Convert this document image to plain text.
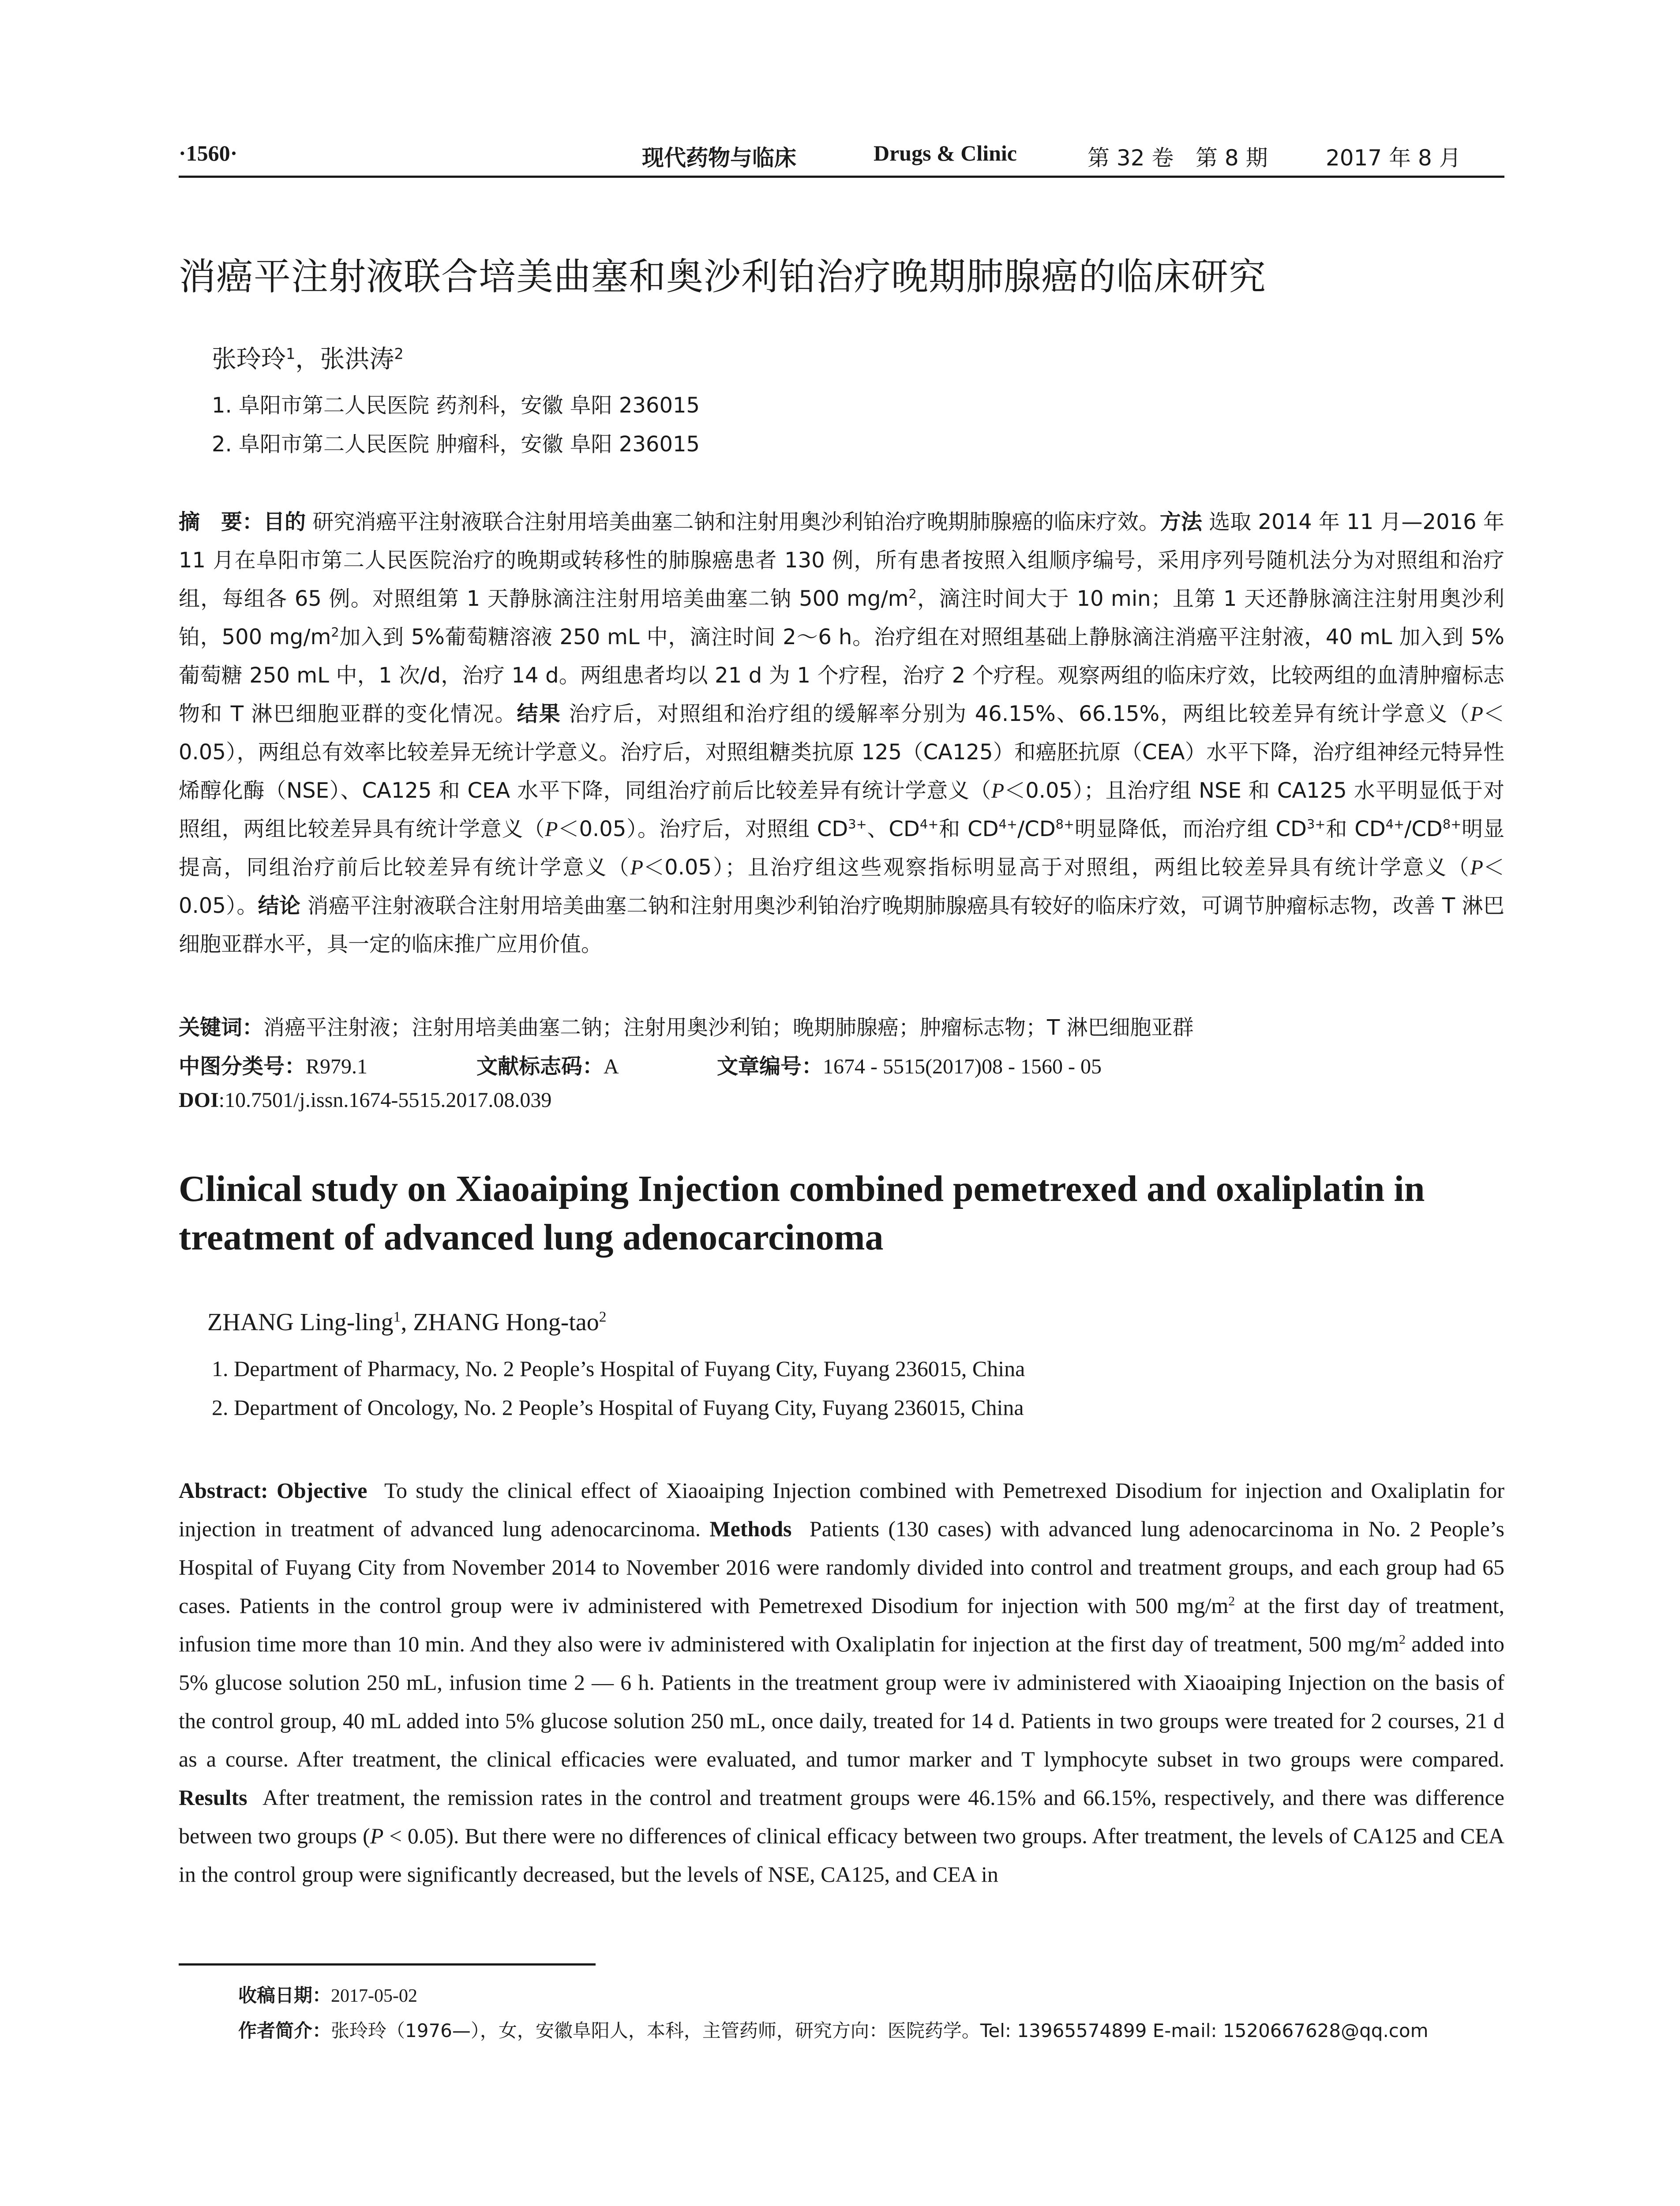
·1560·	现代药物与临床	Drugs & Clinic	第 32 卷 第 8 期	2017 年 8 月
消癌平注射液联合培美曲塞和奥沙利铂治疗晚期肺腺癌的临床研究
张玲玲$^1$，张洪涛$^2$
1. 阜阳市第二人民医院 药剂科，安徽 阜阳 236015
2. 阜阳市第二人民医院 肿瘤科，安徽 阜阳 236015
摘　要：目的 研究消癌平注射液联合注射用培美曲塞二钠和注射用奥沙利铂治疗晚期肺腺癌的临床疗效。方法 选取 2014 年 11 月—2016 年 11 月在阜阳市第二人民医院治疗的晚期或转移性的肺腺癌患者 130 例，所有患者按照入组顺序编号，采用序列号随机法分为对照组和治疗组，每组各 65 例。对照组第 1 天静脉滴注注射用培美曲塞二钠 500 $mg/m^2$，滴注时间大于 10 min；且第 1 天还静脉滴注注射用奥沙利铂，500 $mg/m^2$加入到 5%葡萄糖溶液 250 mL 中，滴注时间 2～6 h。治疗组在对照组基础上静脉滴注消癌平注射液，40 mL 加入到 5%葡萄糖 250 mL 中，1 次/d，治疗 14 d。两组患者均以 21 d 为 1 个疗程，治疗 2 个疗程。观察两组的临床疗效，比较两组的血清肿瘤标志物和 T 淋巴细胞亚群的变化情况。结果 治疗后，对照组和治疗组的缓解率分别为 46.15%、66.15%，两组比较差异有统计学意义（P＜0.05），两组总有效率比较差异无统计学意义。治疗后，对照组糖类抗原 125（CA125）和癌胚抗原（CEA）水平下降，治疗组神经元特异性烯醇化酶（NSE）、CA125 和 CEA 水平下降，同组治疗前后比较差异有统计学意义（P＜0.05）；且治疗组 NSE 和 CA125 水平明显低于对照组，两组比较差异具有统计学意义（P＜0.05）。治疗后，对照组 $CD^{3+}$、$CD^{4+}$和 $CD^{4+}/CD^{8+}$明显降低，而治疗组 $CD^{3+}$和 $CD^{4+}/CD^{8+}$明显提高，同组治疗前后比较差异有统计学意义（P＜0.05）；且治疗组这些观察指标明显高于对照组，两组比较差异具有统计学意义（P＜0.05）。结论 消癌平注射液联合注射用培美曲塞二钠和注射用奥沙利铂治疗晚期肺腺癌具有较好的临床疗效，可调节肿瘤标志物，改善 T 淋巴细胞亚群水平，具一定的临床推广应用价值。
关键词：消癌平注射液；注射用培美曲塞二钠；注射用奥沙利铂；晚期肺腺癌；肿瘤标志物；T 淋巴细胞亚群
中图分类号：R979.1	文献标志码：A	文章编号：1674 - 5515(2017)08 - 1560 - 05
DOI:10.7501/j.issn.1674-5515.2017.08.039
Clinical study on Xiaoaiping Injection combined pemetrexed and oxaliplatin in treatment of advanced lung adenocarcinoma
ZHANG Ling-ling$^1$, ZHANG Hong-tao$^2$
1. Department of Pharmacy, No. 2 People’s Hospital of Fuyang City, Fuyang 236015, China
2. Department of Oncology, No. 2 People’s Hospital of Fuyang City, Fuyang 236015, China
Abstract: Objective To study the clinical effect of Xiaoaiping Injection combined with Pemetrexed Disodium for injection and Oxaliplatin for injection in treatment of advanced lung adenocarcinoma. Methods Patients (130 cases) with advanced lung adenocarcinoma in No. 2 People’s Hospital of Fuyang City from November 2014 to November 2016 were randomly divided into control and treatment groups, and each group had 65 cases. Patients in the control group were iv administered with Pemetrexed Disodium for injection with 500 $mg/m^2$ at the first day of treatment, infusion time more than 10 min. And they also were iv administered with Oxaliplatin for injection at the first day of treatment, 500 $mg/m^2$ added into 5% glucose solution 250 mL, infusion time 2 — 6 h. Patients in the treatment group were iv administered with Xiaoaiping Injection on the basis of the control group, 40 mL added into 5% glucose solution 250 mL, once daily, treated for 14 d. Patients in two groups were treated for 2 courses, 21 d as a course. After treatment, the clinical efficacies were evaluated, and tumor marker and T lymphocyte subset in two groups were compared. Results After treatment, the remission rates in the control and treatment groups were 46.15% and 66.15%, respectively, and there was difference between two groups (P < 0.05). But there were no differences of clinical efficacy between two groups. After treatment, the levels of CA125 and CEA in the control group were significantly decreased, but the levels of NSE, CA125, and CEA in
收稿日期：2017-05-02
作者简介：张玲玲（1976—），女，安徽阜阳人，本科，主管药师，研究方向：医院药学。Tel: 13965574899 E-mail: 1520667628@qq.com
